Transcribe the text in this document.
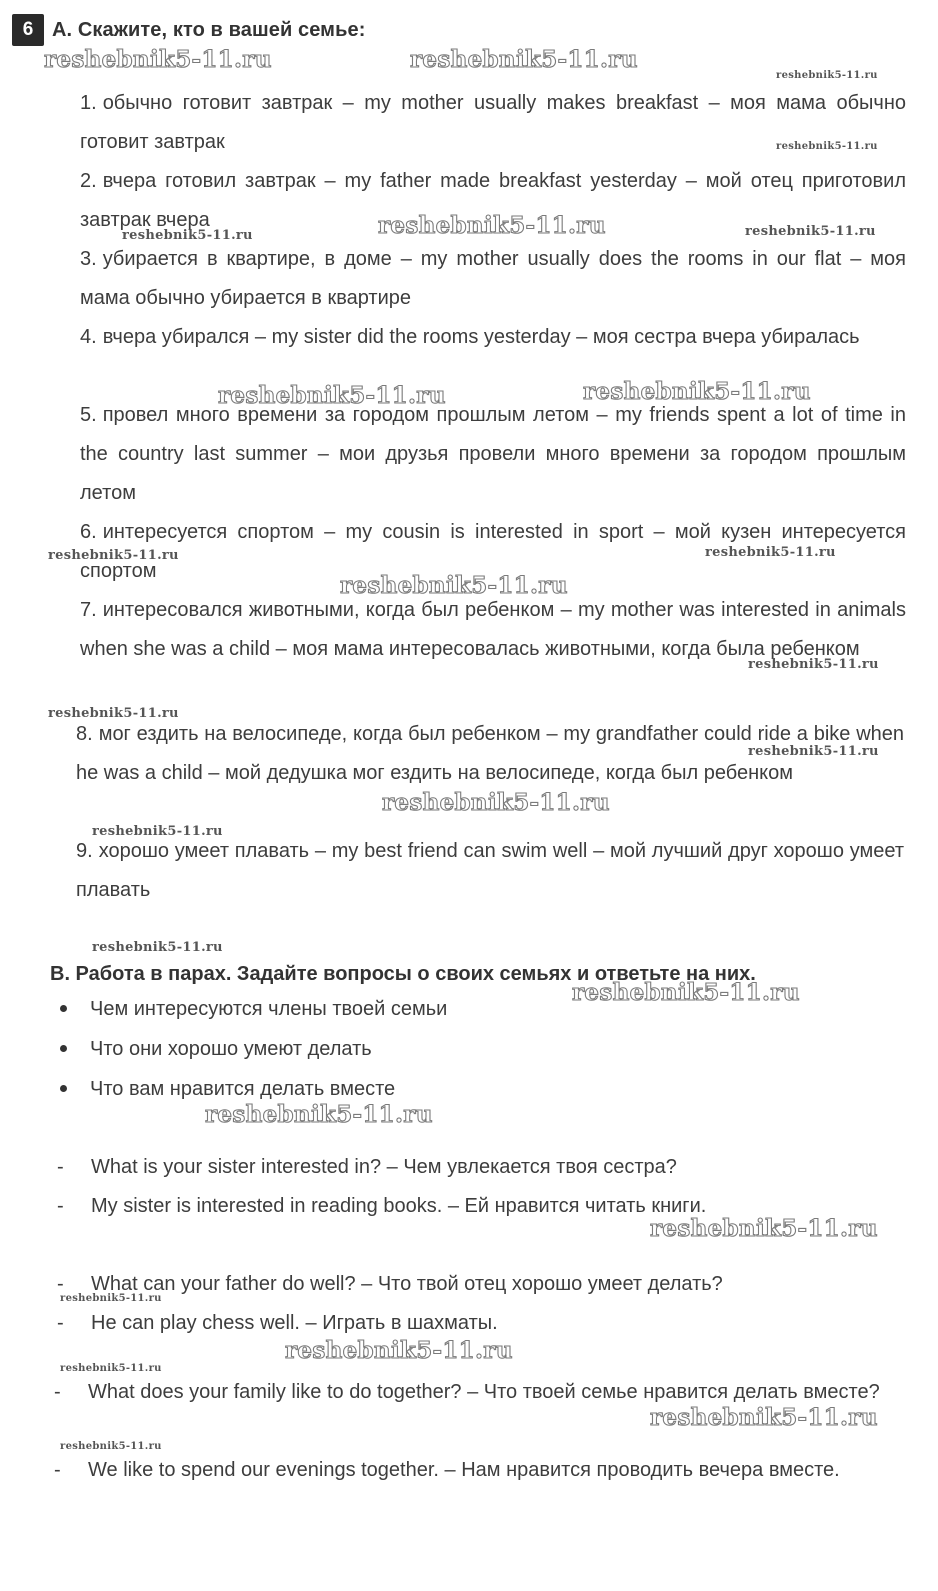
6 A. Скажите, кто в вашей семье:
1. обычно готовит завтрак – my mother usually makes breakfast – моя мама обычно готовит завтрак
2. вчера готовил завтрак – my father made breakfast yesterday – мой отец приготовил завтрак вчера
3. убирается в квартире, в доме – my mother usually does the rooms in our flat – моя мама обычно убирается в квартире
4. вчера убирался – my sister did the rooms yesterday – моя сестра вчера убиралась
5. провел много времени за городом прошлым летом – my friends spent a lot of time in the country last summer – мои друзья провели много времени за городом прошлым летом
6. интересуется спортом – my cousin is interested in sport – мой кузен интересуется спортом
7. интересовался животными, когда был ребенком – my mother was interested in animals when she was a child – моя мама интересовалась животными, когда была ребенком
8. мог ездить на велосипеде, когда был ребенком – my grandfather could ride a bike when he was a child – мой дедушка мог ездить на велосипеде, когда был ребенком
9. хорошо умеет плавать – my best friend can swim well – мой лучший друг хорошо умеет плавать
B. Работа в парах. Задайте вопросы о своих семьях и ответьте на них.
Чем интересуются члены твоей семьи
Что они хорошо умеют делать
Что вам нравится делать вместе
- What is your sister interested in? – Чем увлекается твоя сестра?
- My sister is interested in reading books. – Ей нравится читать книги.
- What can your father do well? – Что твой отец хорошо умеет делать?
- He can play chess well. – Играть в шахматы.
- What does your family like to do together? – Что твоей семье нравится делать вместе?
- We like to spend our evenings together. – Нам нравится проводить вечера вместе.
reshebnik5-11.ru	reshebnik5-11.ru
reshebnik5-11.ru
reshebnik5-11.ru
reshebnik5-11.ru
reshebnik5-11.ru	reshebnik5-11.ru
reshebnik5-11.ru	reshebnik5-11.ru
reshebnik5-11.ru	reshebnik5-11.ru
reshebnik5-11.ru
reshebnik5-11.ru
reshebnik5-11.ru
reshebnik5-11.ru
reshebnik5-11.ru
reshebnik5-11.ru
reshebnik5-11.ru
reshebnik5-11.ru
reshebnik5-11.ru
reshebnik5-11.ru
reshebnik5-11.ru
reshebnik5-11.ru
reshebnik5-11.ru
reshebnik5-11.ru
reshebnik5-11.ru
